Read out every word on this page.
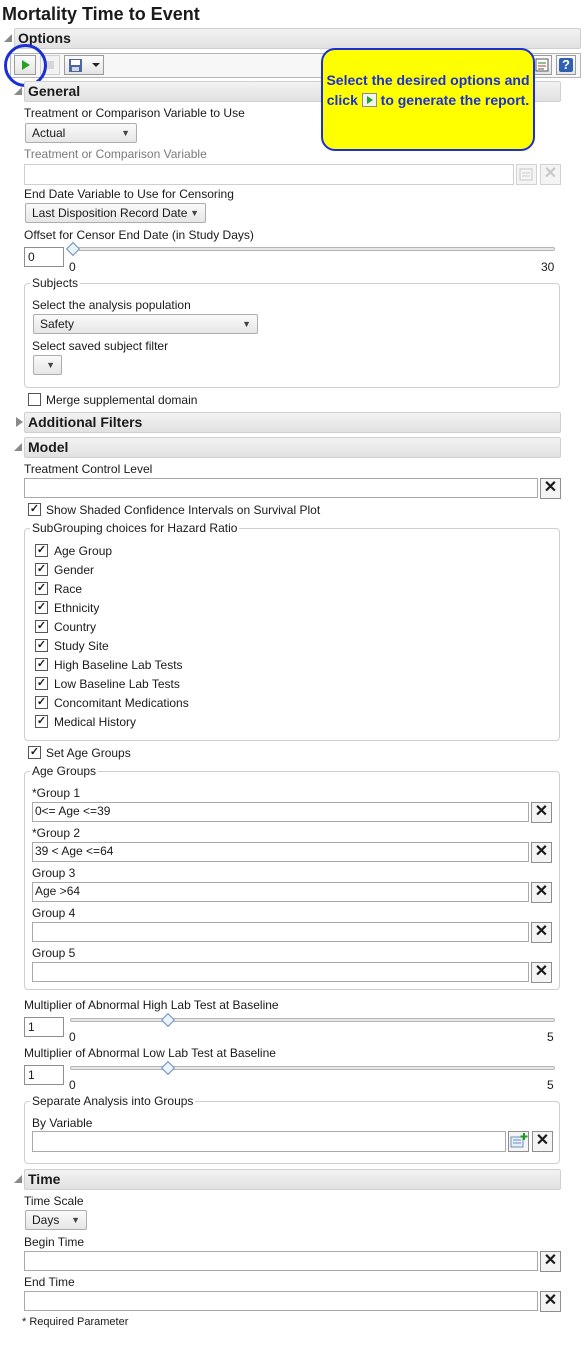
Mortality Time to Event
Options
?
General
Select the desired options and click to generate the report.
Treatment or Comparison Variable to Use
Actual	▼
Treatment or Comparison Variable
✕
End Date Variable to Use for Censoring
Last Disposition Record Date ▼
Offset for Censor End Date (in Study Days)
0
0	30
Subjects
Select the analysis population
Safety	▼
Select saved subject filter
▼
Merge supplemental domain
Additional Filters
Model
Treatment Control Level
✕
✓ Show Shaded Confidence Intervals on Survival Plot
SubGrouping choices for Hazard Ratio
✓ Age Group
✓ Gender
✓ Race
✓ Ethnicity
✓ Country
✓ Study Site
✓ High Baseline Lab Tests
✓ Low Baseline Lab Tests
✓ Concomitant Medications
✓ Medical History
✓ Set Age Groups
Age Groups
*Group 1
0<= Age <=39	✕
*Group 2
39 < Age <=64	✕
Group 3
Age >64	✕
Group 4
✕
Group 5
✕
Multiplier of Abnormal High Lab Test at Baseline
1
0	5
Multiplier of Abnormal Low Lab Test at Baseline
1
0	5
Separate Analysis into Groups
By Variable
✕
Time
Time Scale
Days ▼
Begin Time
✕
End Time
✕
* Required Parameter
